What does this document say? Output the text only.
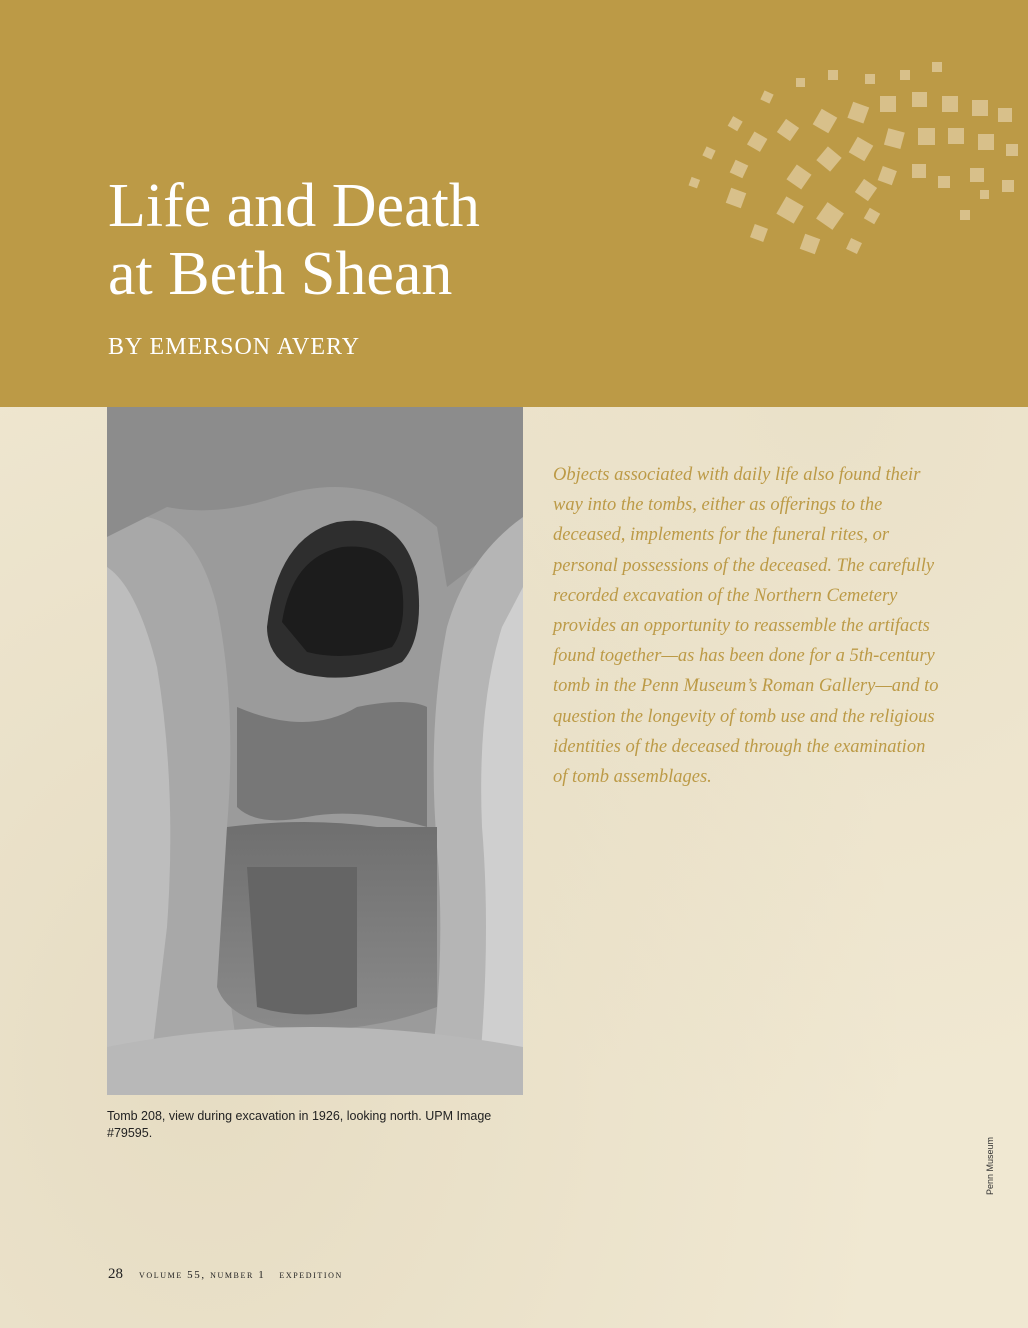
Life and Death
at Beth Shean
BY EMERSON AVERY
Tomb 208, view during excavation in 1926, looking north. UPM Image #79595.

Objects associated with daily life also found their way into the tombs, either as offerings to the deceased, implements for the funeral rites, or personal possessions of the deceased. The carefully recorded excavation of the Northern Cemetery provides an opportunity to reassemble the artifacts found together—as has been done for a 5th-century tomb in the Penn Museum’s Roman Gallery—and to question the longevity of tomb use and the religious identities of the deceased through the examination of tomb assemblages.

Penn Museum
28 volume 55, number 1 expedition
